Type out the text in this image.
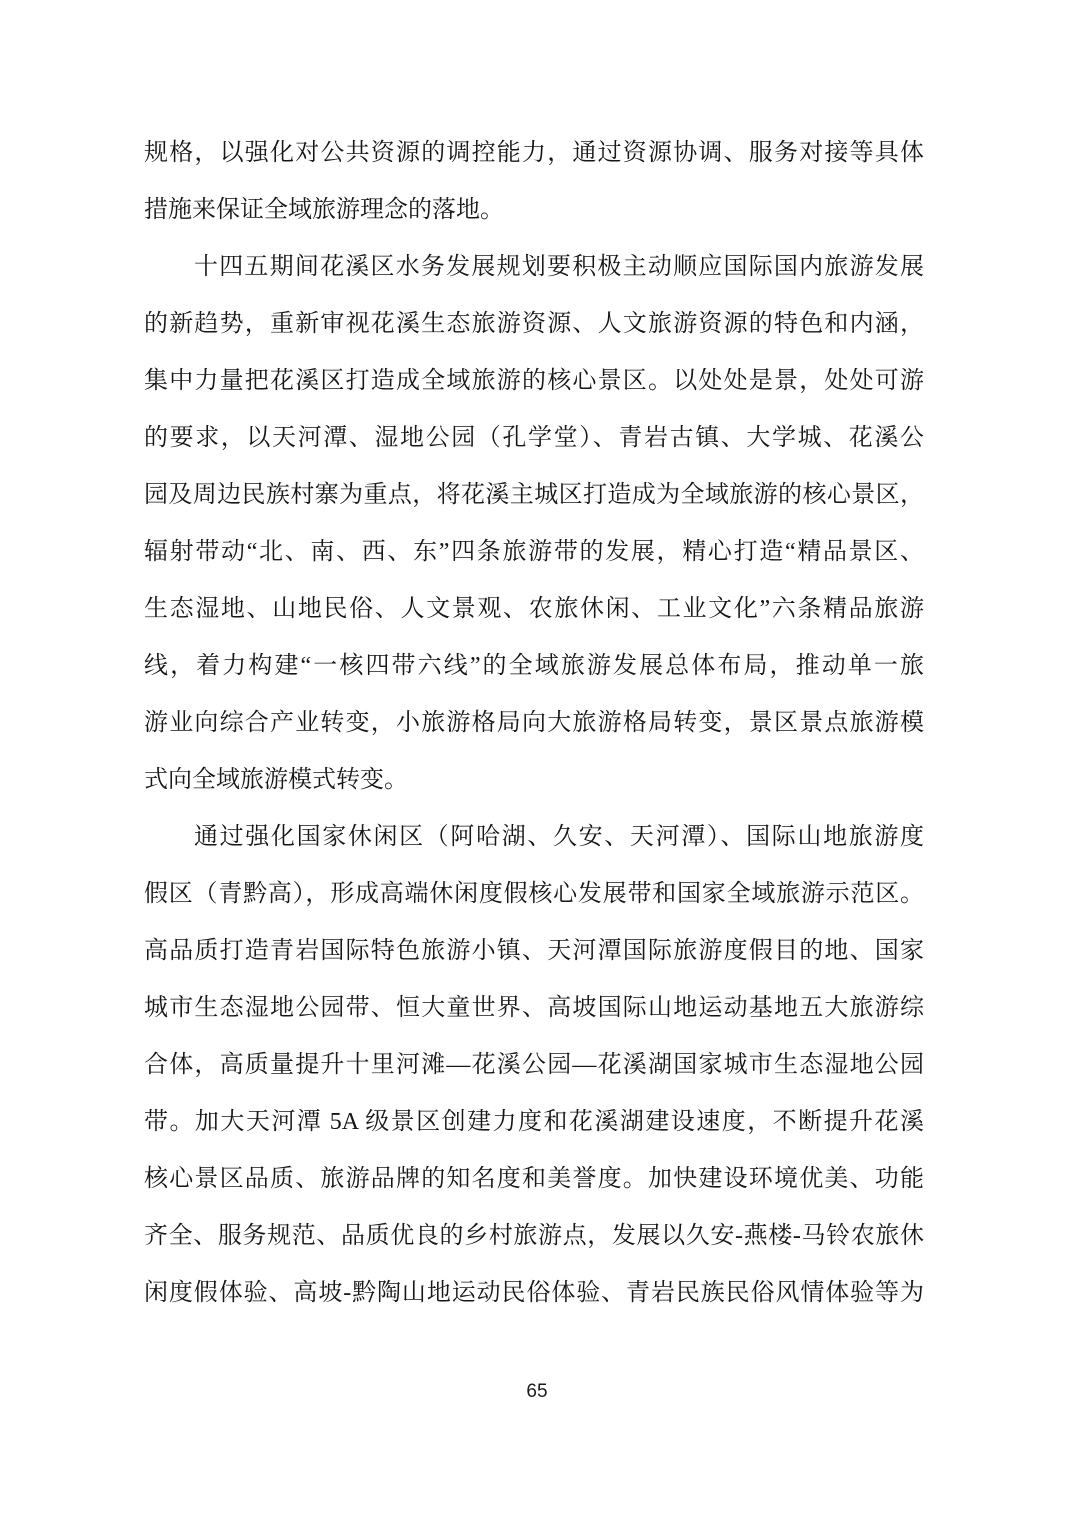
规格，以强化对公共资源的调控能力，通过资源协调、服务对接等具体
措施来保证全域旅游理念的落地。
十四五期间花溪区水务发展规划要积极主动顺应国际国内旅游发展
的新趋势，重新审视花溪生态旅游资源、人文旅游资源的特色和内涵，
集中力量把花溪区打造成全域旅游的核心景区。以处处是景，处处可游
的要求，以天河潭、湿地公园（孔学堂）、青岩古镇、大学城、花溪公
园及周边民族村寨为重点，将花溪主城区打造成为全域旅游的核心景区，
辐射带动“北、南、西、东”四条旅游带的发展，精心打造“精品景区、
生态湿地、山地民俗、人文景观、农旅休闲、工业文化”六条精品旅游
线，着力构建“一核四带六线”的全域旅游发展总体布局，推动单一旅
游业向综合产业转变，小旅游格局向大旅游格局转变，景区景点旅游模
式向全域旅游模式转变。
通过强化国家休闲区（阿哈湖、久安、天河潭）、国际山地旅游度
假区（青黔高），形成高端休闲度假核心发展带和国家全域旅游示范区。
高品质打造青岩国际特色旅游小镇、天河潭国际旅游度假目的地、国家
城市生态湿地公园带、恒大童世界、高坡国际山地运动基地五大旅游综
合体，高质量提升十里河滩—花溪公园—花溪湖国家城市生态湿地公园
带。加大天河潭 5A 级景区创建力度和花溪湖建设速度，不断提升花溪
核心景区品质、旅游品牌的知名度和美誉度。加快建设环境优美、功能
齐全、服务规范、品质优良的乡村旅游点，发展以久安-燕楼-马铃农旅休
闲度假体验、高坡-黔陶山地运动民俗体验、青岩民族民俗风情体验等为
65
